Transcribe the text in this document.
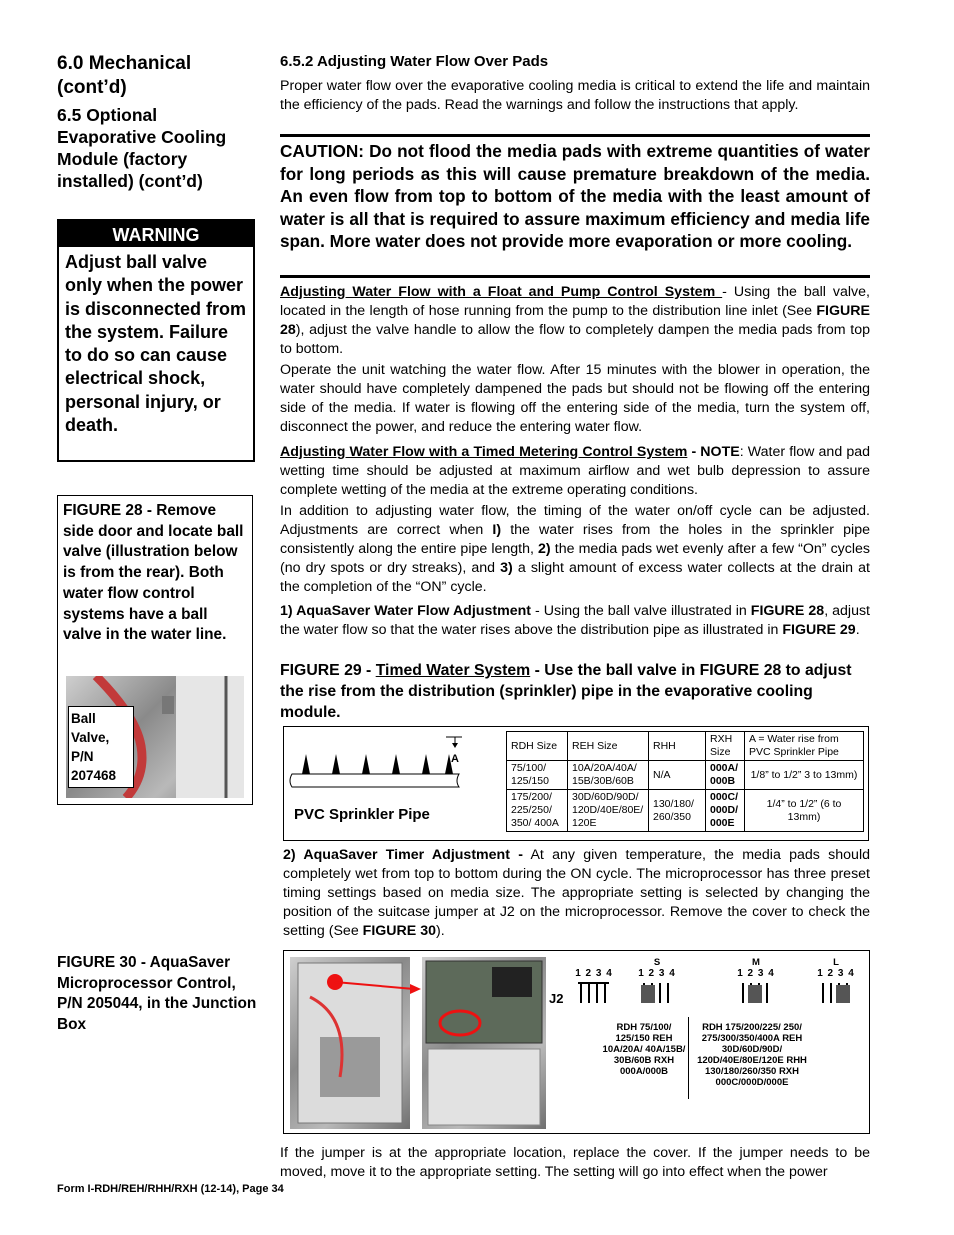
6.0 Mechanical (cont’d)
6.5 Optional Evaporative Cooling Module (factory installed) (cont’d)
WARNING
Adjust ball valve only when the power is disconnected from the system. Failure to do so can cause electrical shock, personal injury, or death.
FIGURE 28 - Remove side door and locate ball valve (illustration below is from the rear). Both water flow control systems have a ball valve in the water line.
Ball Valve, P/N 207468
FIGURE 30 - AquaSaver Microprocessor Control, P/N 205044, in the Junction Box
6.5.2 Adjusting Water Flow Over Pads
Proper water flow over the evaporative cooling media is critical to extend the life and maintain the efficiency of the pads. Read the warnings and follow the instructions that apply.
CAUTION: Do not flood the media pads with extreme quantities of water for long periods as this will cause premature breakdown of the media. An even flow from top to bottom of the media with the least amount of water is all that is required to assure maximum efficiency and media life span. More water does not provide more evaporation or more cooling.
Adjusting Water Flow with a Float and Pump Control System - Using the ball valve, located in the length of hose running from the pump to the distribution line inlet (See FIGURE 28), adjust the valve handle to allow the flow to completely dampen the media pads from top to bottom.
Operate the unit watching the water flow. After 15 minutes with the blower in operation, the water should have completely dampened the pads but should not be flowing off the entering side of the media. If water is flowing off the entering side of the media, turn the system off, disconnect the power, and reduce the entering water flow.
Adjusting Water Flow with a Timed Metering Control System - NOTE: Water flow and pad wetting time should be adjusted at maximum airflow and wet bulb depression to assure complete wetting of the media at the extreme operating conditions.
In addition to adjusting water flow, the timing of the water on/off cycle can be adjusted. Adjustments are correct when I) the water rises from the holes in the sprinkler pipe consistently along the entire pipe length, 2) the media pads wet evenly after a few “On” cycles (no dry spots or dry streaks), and 3) a slight amount of excess water collects at the drain at the completion of the “ON” cycle.
1) AquaSaver Water Flow Adjustment - Using the ball valve illustrated in FIGURE 28, adjust the water flow so that the water rises above the distribution pipe as illustrated in FIGURE 29.
FIGURE 29 - Timed Water System - Use the ball valve in FIGURE 28 to adjust the rise from the distribution (sprinkler) pipe in the evaporative cooling module.
A
PVC Sprinkler Pipe
RDH Size	REH Size	RHH	RXH Size	A = Water rise from PVC Sprinkler Pipe
75/100/ 125/150	10A/20A/40A/ 15B/30B/60B	N/A	000A/ 000B	1/8” to 1/2” 3 to 13mm)
175/200/ 225/250/ 350/ 400A	30D/60D/90D/ 120D/40E/80E/ 120E	130/180/ 260/350	000C/ 000D/ 000E	1/4” to 1/2” (6 to 13mm)
2) AquaSaver Timer Adjustment - At any given temperature, the media pads should completely wet from top to bottom during the ON cycle. The microprocessor has three preset timing settings based on media size. The appropriate setting is selected by changing the position of the suitcase jumper at J2 on the microprocessor. Remove the cover to check the setting (See FIGURE 30).
J2
1 2 3 4
S
1 2 3 4
RDH 75/100/ 125/150 REH 10A/20A/ 40A/15B/ 30B/60B RXH 000A/000B
M
1 2 3 4
RDH 175/200/225/ 250/ 275/300/350/400A REH 30D/60D/90D/ 120D/40E/80E/120E RHH 130/180/260/350 RXH 000C/000D/000E
L
1 2 3 4
If the jumper is at the appropriate location, replace the cover. If the jumper needs to be moved, move it to the appropriate setting. The setting will go into effect when the power
Form I-RDH/REH/RHH/RXH (12-14), Page 34
